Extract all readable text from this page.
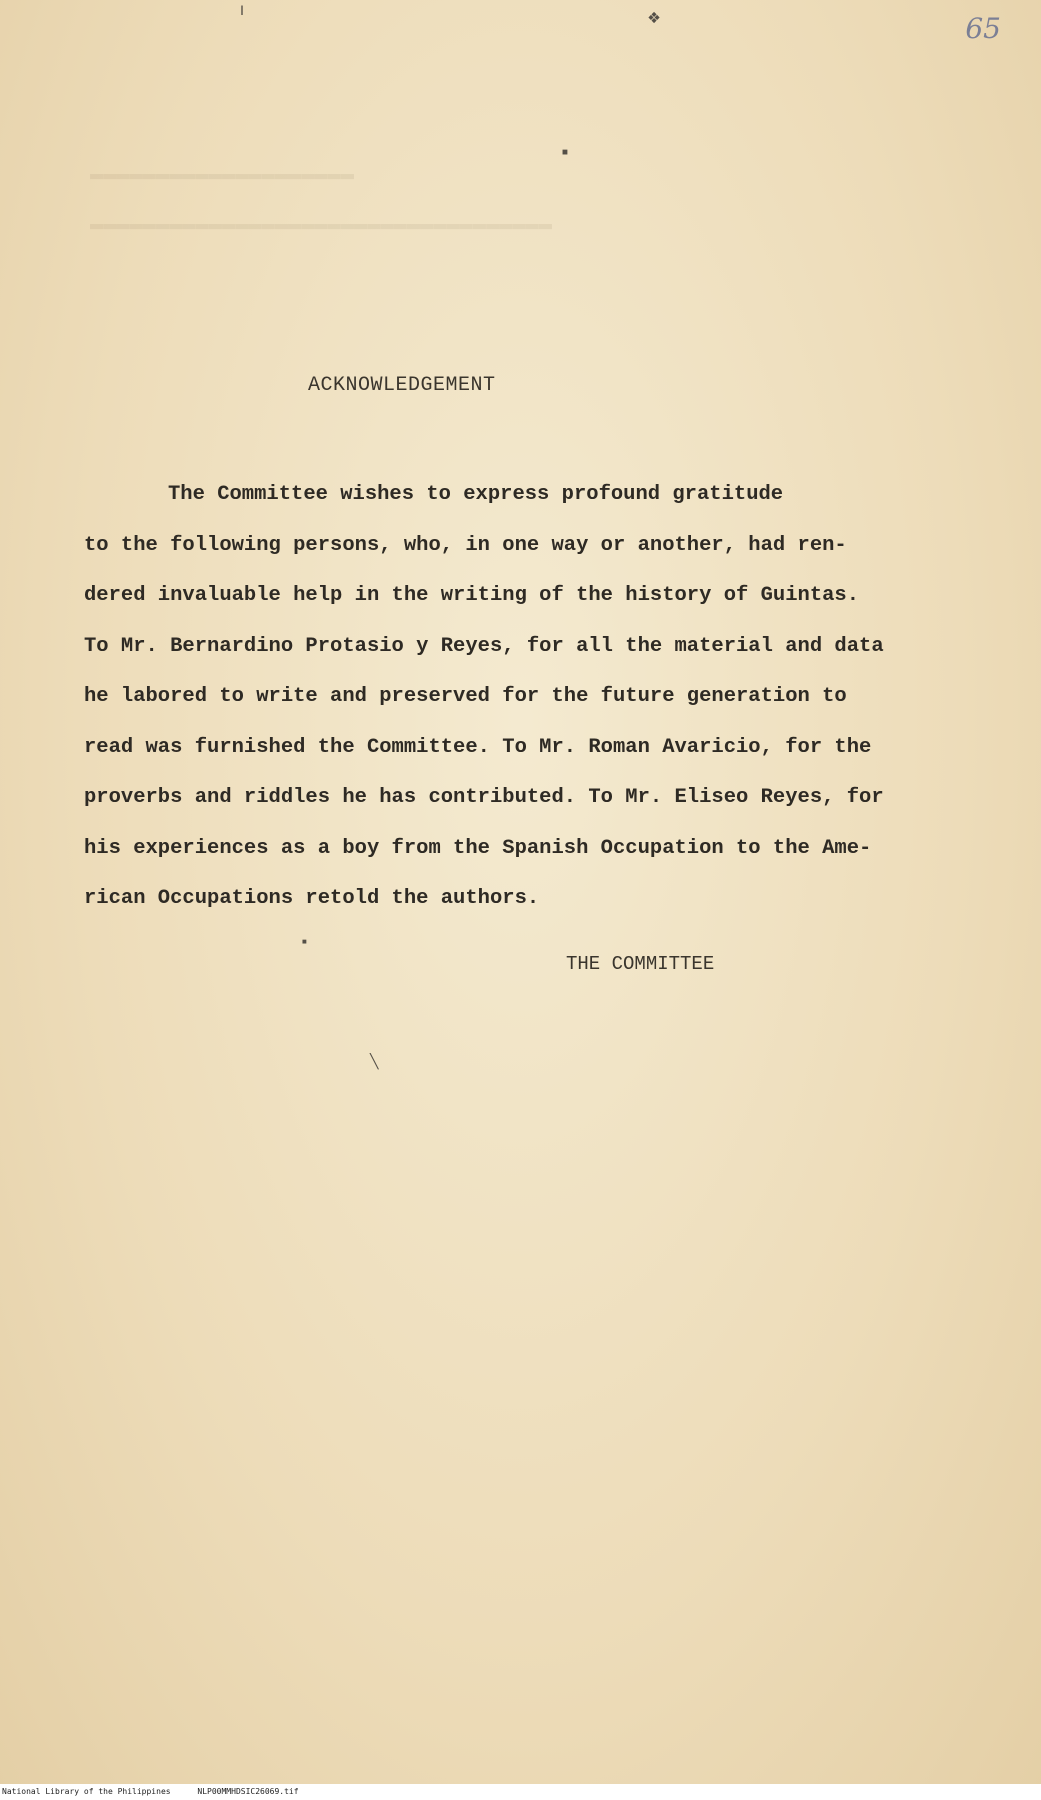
▬▬▬▬▬▬▬▬▬▬▬▬▬▬▬▬▬▬▬▬
▬▬▬▬▬▬▬▬▬▬▬▬▬▬▬▬▬▬▬▬▬▬▬▬▬▬▬▬▬▬▬▬▬▬▬
65
ᴵ	❖
■
■
╲
ACKNOWLEDGEMENT
The Committee wishes to express profound gratitude
to the following persons, who, in one way or another, had ren-
dered invaluable help in the writing of the history of Guintas.
To Mr. Bernardino Protasio y Reyes, for all the material and data
he labored to write and preserved for the future generation to
read was furnished the Committee. To Mr. Roman Avaricio, for the
proverbs and riddles he has contributed. To Mr. Eliseo Reyes, for
his experiences as a boy from the Spanish Occupation to the Ame-
rican Occupations retold the authors.
THE COMMITTEE
National Library of the Philippines	NLP00MMHDSIC26069.tif
